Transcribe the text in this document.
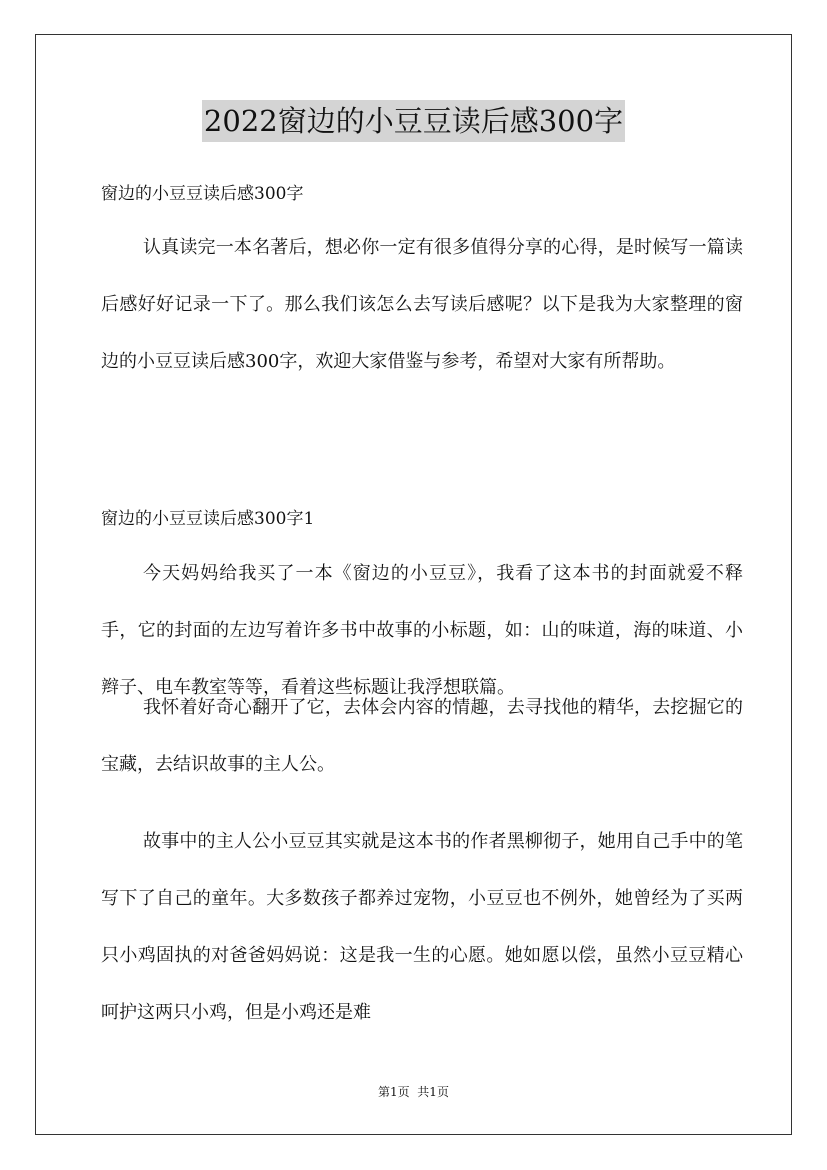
2022窗边的小豆豆读后感300字
窗边的小豆豆读后感300字

认真读完一本名著后，想必你一定有很多值得分享的心得，是时候写一篇读后感好好记录一下了。那么我们该怎么去写读后感呢？以下是我为大家整理的窗边的小豆豆读后感300字，欢迎大家借鉴与参考，希望对大家有所帮助。

窗边的小豆豆读后感300字1

今天妈妈给我买了一本《窗边的小豆豆》，我看了这本书的封面就爱不释手，它的封面的左边写着许多书中故事的小标题，如：山的味道，海的味道、小辫子、电车教室等等，看着这些标题让我浮想联篇。

我怀着好奇心翻开了它，去体会内容的情趣，去寻找他的精华，去挖掘它的宝藏，去结识故事的主人公。

故事中的主人公小豆豆其实就是这本书的作者黑柳彻子，她用自己手中的笔写下了自己的童年。大多数孩子都养过宠物，小豆豆也不例外，她曾经为了买两只小鸡固执的对爸爸妈妈说：这是我一生的心愿。她如愿以偿，虽然小豆豆精心呵护这两只小鸡，但是小鸡还是难

第1页  共1页
